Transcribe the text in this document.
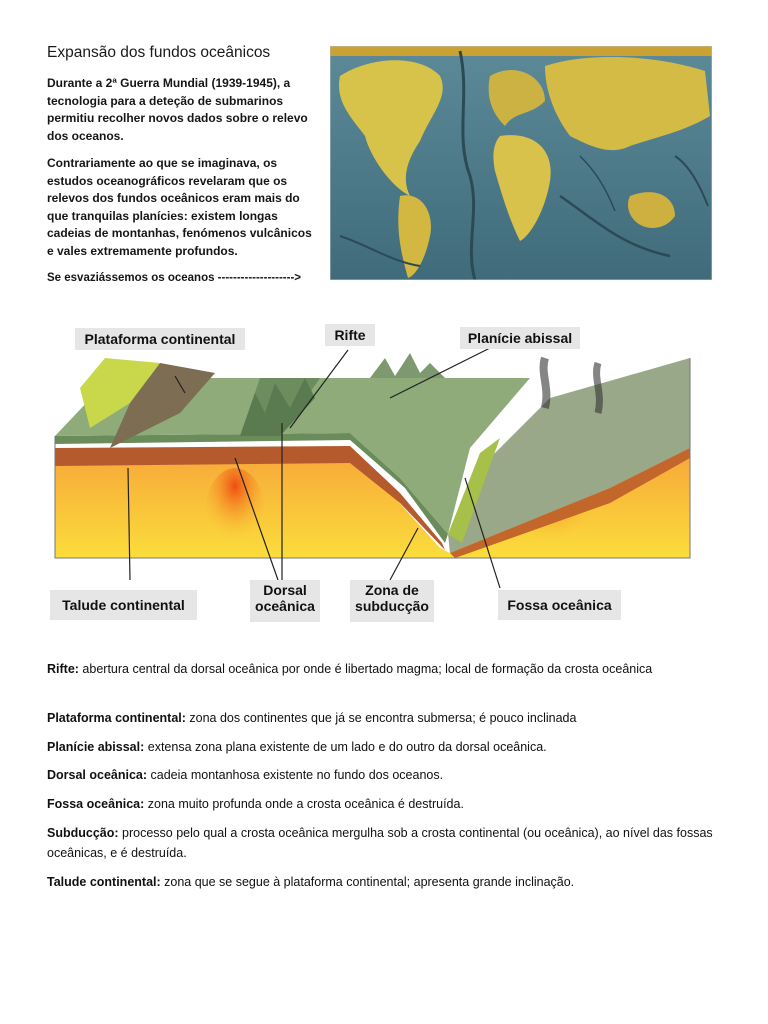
Expansão dos fundos oceânicos
Durante a 2ª Guerra Mundial (1939-1945), a tecnologia para a deteção de submarinos permitiu recolher novos dados sobre o relevo dos oceanos.
Contrariamente ao que se imaginava, os estudos oceanográficos revelaram que os relevos dos fundos oceânicos eram mais do que tranquilas planícies: existem longas cadeias de montanhas, fenómenos vulcânicos e vales extremamente profundos.
Se esvaziássemos os oceanos -------------------->
Plataforma continental	Rifte	Planície abissal
Talude continental
Dorsal
oceânica
Zona de
subducção	Fossa oceânica
Rifte: abertura central da dorsal oceânica por onde é libertado magma; local de formação da crosta oceânica
Plataforma continental: zona dos continentes que já se encontra submersa; é pouco inclinada
Planície abissal: extensa zona plana existente de um lado e do outro da dorsal oceânica.
Dorsal oceânica: cadeia montanhosa existente no fundo dos oceanos.
Fossa oceânica: zona muito profunda onde a crosta oceânica é destruída.
Subducção: processo pelo qual a crosta oceânica mergulha sob a crosta continental (ou oceânica), ao nível das fossas oceânicas, e é destruída.
Talude continental: zona que se segue à plataforma continental; apresenta grande inclinação.
